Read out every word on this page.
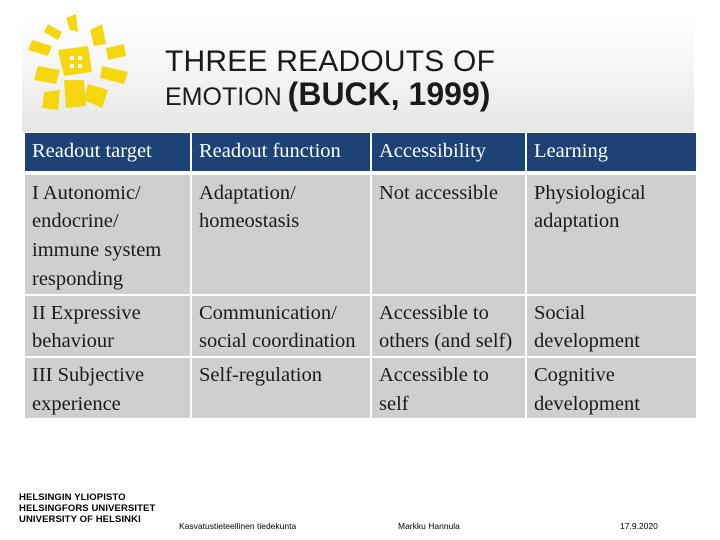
THREE READOUTS OF
EMOTION (BUCK, 1999)
Readout target	Readout function	Accessibility	Learning
I Autonomic/ endocrine/ immune system responding	Adaptation/ homeostasis	Not accessible	Physiological adaptation
II Expressive behaviour	Communication/ social coordination	Accessible to others (and self)	Social development
III Subjective experience	Self-regulation	Accessible to self	Cognitive development
HELSINGIN YLIOPISTO
HELSINGFORS UNIVERSITET
UNIVERSITY OF HELSINKI
Kasvatustieteellinen tiedekunta	Markku Hannula	17.9.2020
